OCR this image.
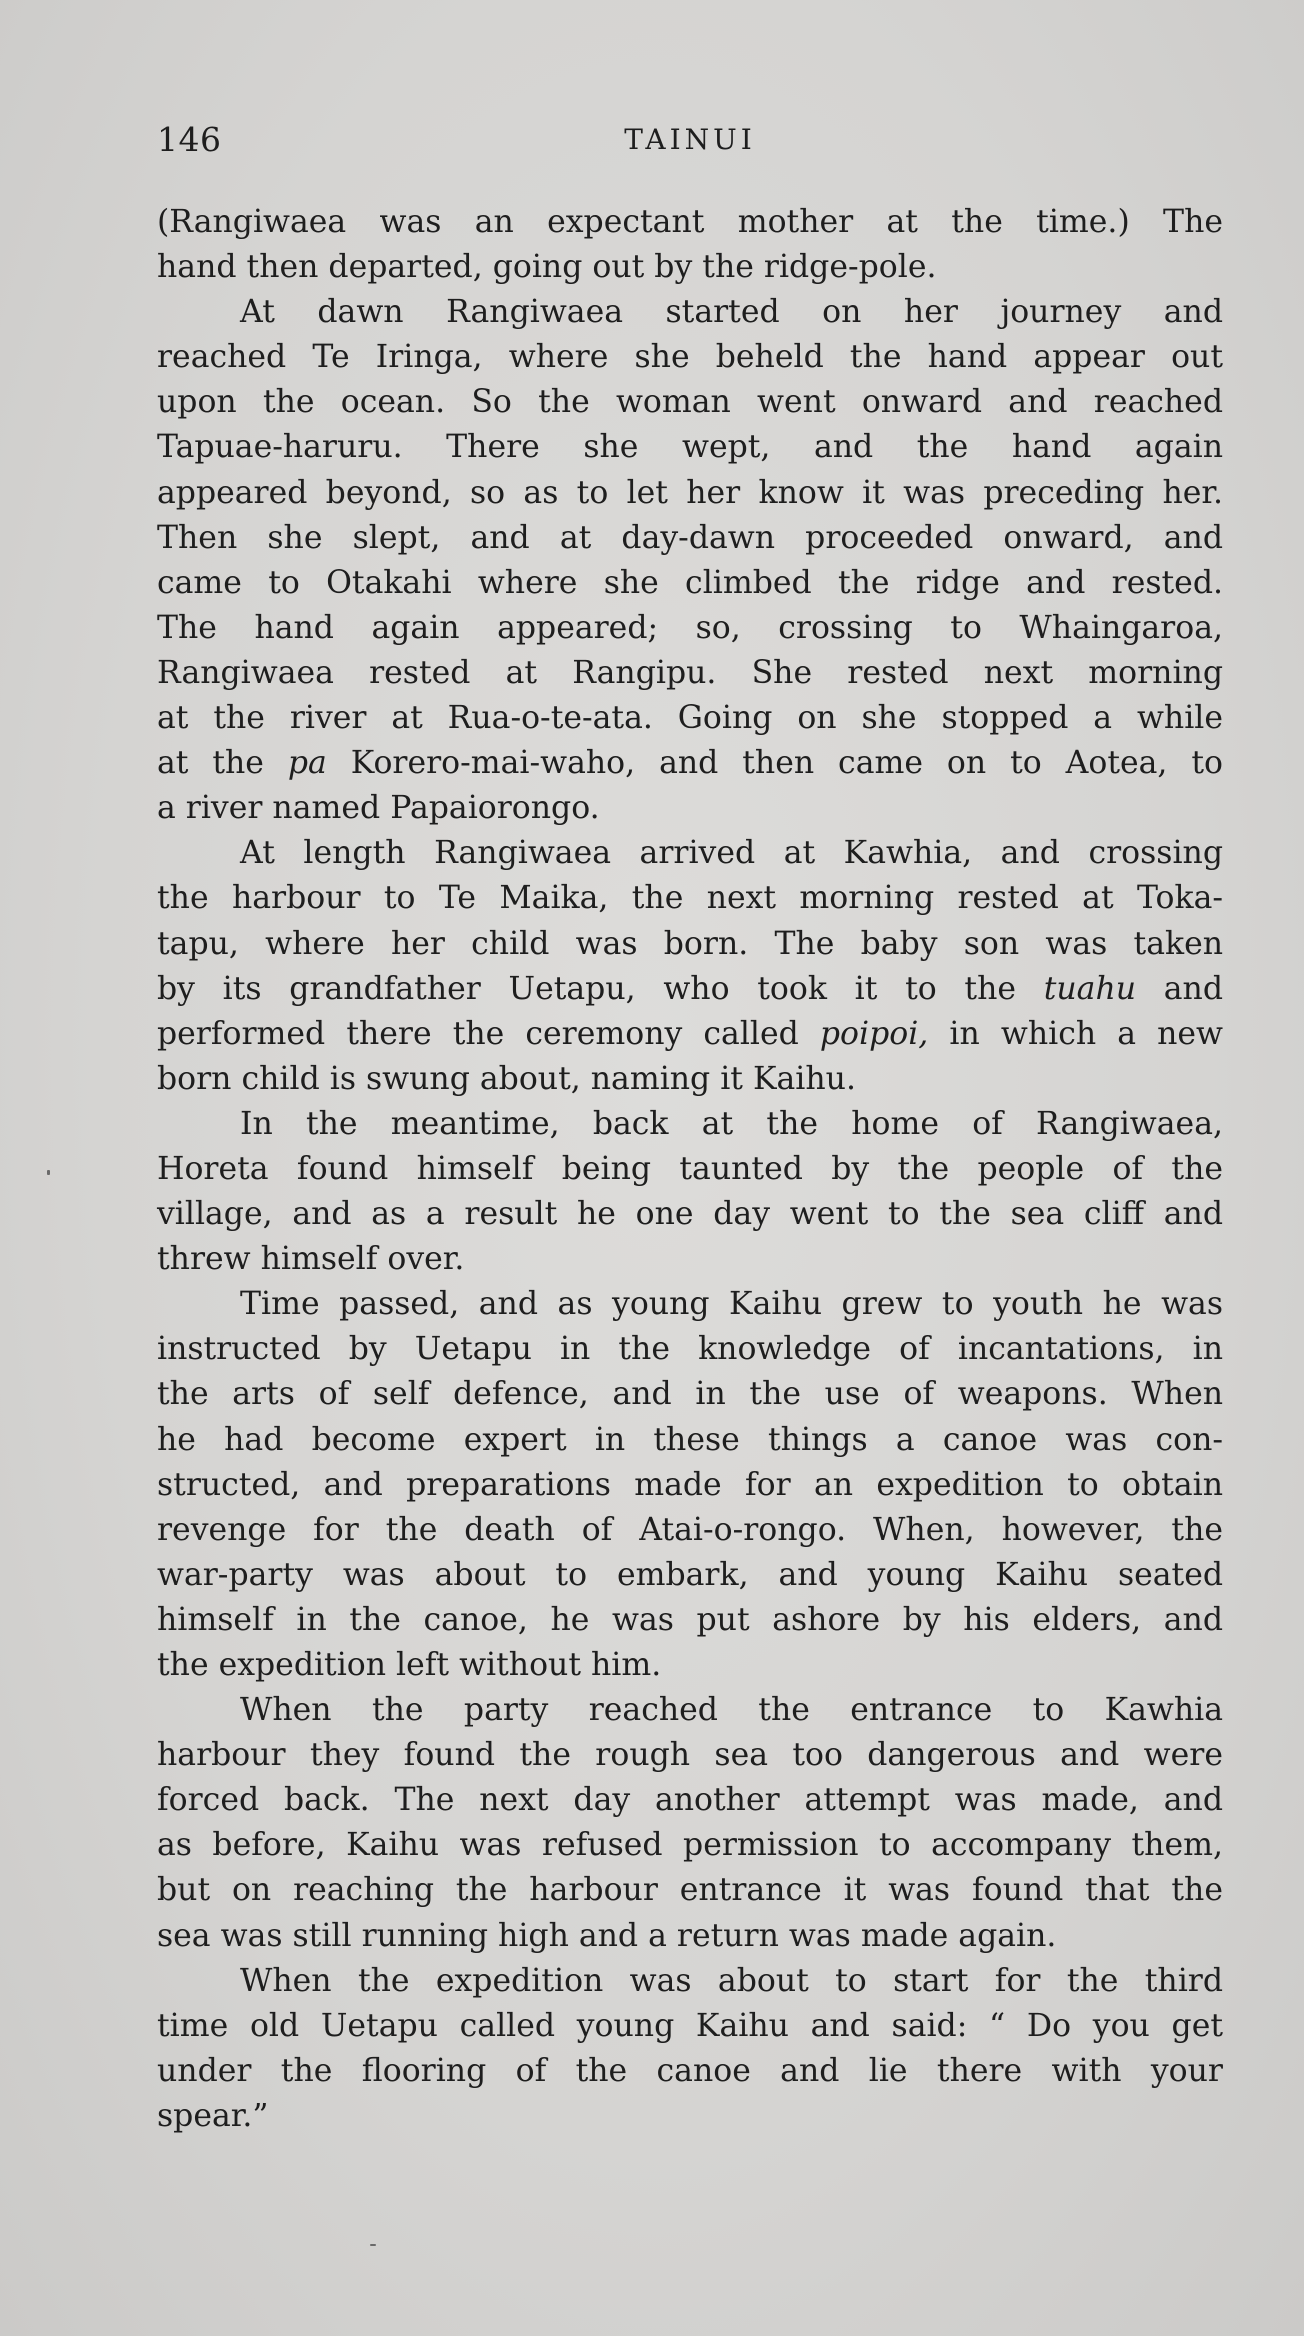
146	TAINUI
(Rangiwaea was an expectant mother at the time.) The
hand then departed, going out by the ridge-pole.
At dawn Rangiwaea started on her journey and
reached Te Iringa, where she beheld the hand appear out
upon the ocean. So the woman went onward and reached
Tapuae-haruru. There she wept, and the hand again
appeared beyond, so as to let her know it was preceding her.
Then she slept, and at day-dawn proceeded onward, and
came to Otakahi where she climbed the ridge and rested.
The hand again appeared; so, crossing to Whaingaroa,
Rangiwaea rested at Rangipu. She rested next morning
at the river at Rua-o-te-ata. Going on she stopped a while
at the pa Korero-mai-waho, and then came on to Aotea, to
a river named Papaiorongo.
At length Rangiwaea arrived at Kawhia, and crossing
the harbour to Te Maika, the next morning rested at Toka-
tapu, where her child was born. The baby son was taken
by its grandfather Uetapu, who took it to the tuahu and
performed there the ceremony called poipoi, in which a new
born child is swung about, naming it Kaihu.
In the meantime, back at the home of Rangiwaea,
Horeta found himself being taunted by the people of the
village, and as a result he one day went to the sea cliff and
threw himself over.
Time passed, and as young Kaihu grew to youth he was
instructed by Uetapu in the knowledge of incantations, in
the arts of self defence, and in the use of weapons. When
he had become expert in these things a canoe was con-
structed, and preparations made for an expedition to obtain
revenge for the death of Atai-o-rongo. When, however, the
war-party was about to embark, and young Kaihu seated
himself in the canoe, he was put ashore by his elders, and
the expedition left without him.
When the party reached the entrance to Kawhia
harbour they found the rough sea too dangerous and were
forced back. The next day another attempt was made, and
as before, Kaihu was refused permission to accompany them,
but on reaching the harbour entrance it was found that the
sea was still running high and a return was made again.
When the expedition was about to start for the third
time old Uetapu called young Kaihu and said: “ Do you get
under the flooring of the canoe and lie there with your
spear.”
